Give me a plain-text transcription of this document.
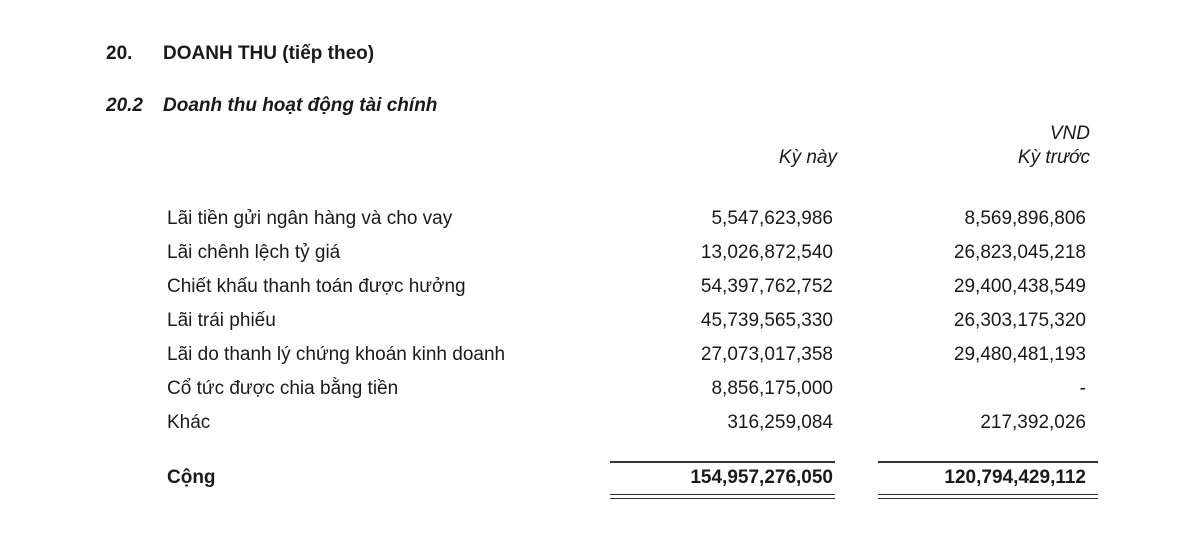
20. DOANH THU (tiếp theo)
20.2 Doanh thu hoạt động tài chính
VND
Kỳ này	Kỳ trước
Lãi tiền gửi ngân hàng và cho vay	5,547,623,986	8,569,896,806
Lãi chênh lệch tỷ giá	13,026,872,540	26,823,045,218
Chiết khấu thanh toán được hưởng	54,397,762,752	29,400,438,549
Lãi trái phiếu	45,739,565,330	26,303,175,320
Lãi do thanh lý chứng khoán kinh doanh	27,073,017,358	29,480,481,193
Cổ tức được chia bằng tiền	8,856,175,000	-
Khác	316,259,084	217,392,026
Cộng	154,957,276,050	120,794,429,112
